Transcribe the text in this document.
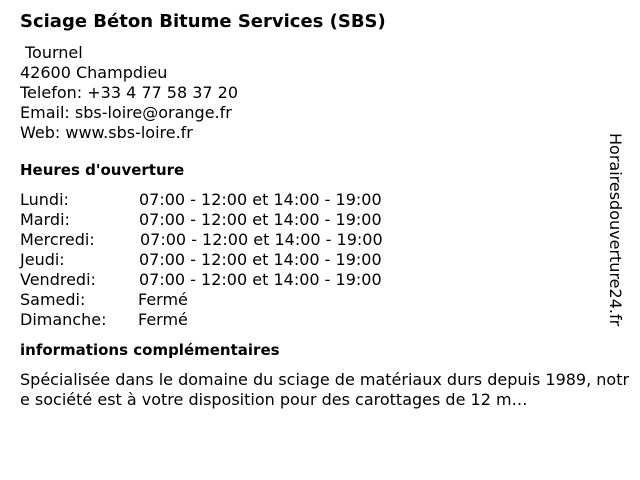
Sciage Béton Bitume Services (SBS)
Tournel
42600 Champdieu
Telefon: +33 4 77 58 37 20
Email: sbs-loire@orange.fr
Web: www.sbs-loire.fr
Heures d'ouverture
Lundi:	07:00 - 12:00 et 14:00 - 19:00
Mardi:	07:00 - 12:00 et 14:00 - 19:00
Mercredi:	07:00 - 12:00 et 14:00 - 19:00
Jeudi:	07:00 - 12:00 et 14:00 - 19:00
Vendredi:	07:00 - 12:00 et 14:00 - 19:00
Samedi:	Fermé
Dimanche: Fermé
informations complémentaires
Spécialisée dans le domaine du sciage de matériaux durs depuis 1989, notre société est à votre disposition pour des carottages de 12 m…
Horairesdouverture24.fr
